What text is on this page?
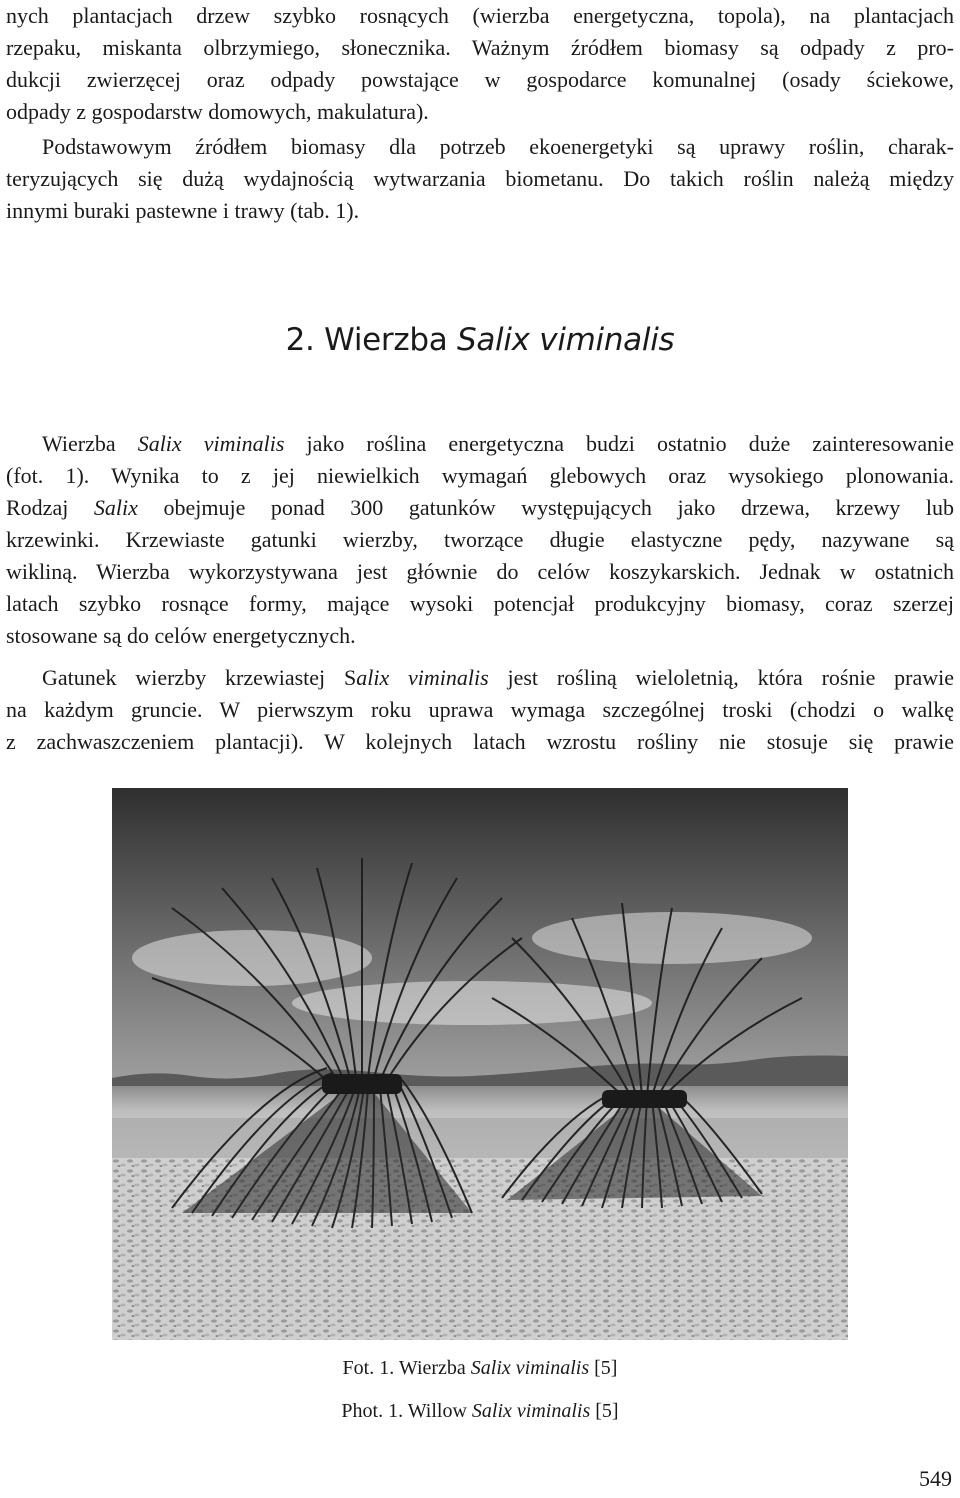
nych plantacjach drzew szybko rosnących (wierzba energetyczna, topola), na plantacjach
rzepaku, miskanta olbrzymiego, słonecznika. Ważnym źródłem biomasy są odpady z pro-
dukcji zwierzęcej oraz odpady powstające w gospodarce komunalnej (osady ściekowe,
odpady z gospodarstw domowych, makulatura).
Podstawowym źródłem biomasy dla potrzeb ekoenergetyki są uprawy roślin, charak-
teryzujących się dużą wydajnością wytwarzania biometanu. Do takich roślin należą między
innymi buraki pastewne i trawy (tab. 1).
2. Wierzba Salix viminalis
Wierzba Salix viminalis jako roślina energetyczna budzi ostatnio duże zainteresowanie
(fot. 1). Wynika to z jej niewielkich wymagań glebowych oraz wysokiego plonowania.
Rodzaj Salix obejmuje ponad 300 gatunków występujących jako drzewa, krzewy lub
krzewinki. Krzewiaste gatunki wierzby, tworzące długie elastyczne pędy, nazywane są
wikliną. Wierzba wykorzystywana jest głównie do celów koszykarskich. Jednak w ostatnich
latach szybko rosnące formy, mające wysoki potencjał produkcyjny biomasy, coraz szerzej
stosowane są do celów energetycznych.
Gatunek wierzby krzewiastej Salix viminalis jest rośliną wieloletnią, która rośnie prawie
na każdym gruncie. W pierwszym roku uprawa wymaga szczególnej troski (chodzi o walkę
z zachwaszczeniem plantacji). W kolejnych latach wzrostu rośliny nie stosuje się prawie

Fot. 1. Wierzba Salix viminalis [5]

Phot. 1. Willow Salix viminalis [5]

549
